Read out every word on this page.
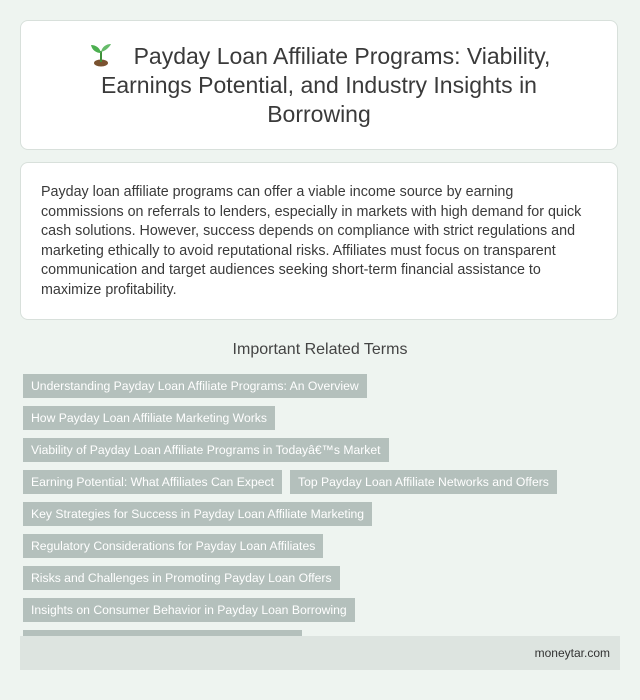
Payday Loan Affiliate Programs: Viability, Earnings Potential, and Industry Insights in Borrowing

Payday loan affiliate programs can offer a viable income source by earning commissions on referrals to lenders, especially in markets with high demand for quick cash solutions. However, success depends on compliance with strict regulations and marketing ethically to avoid reputational risks. Affiliates must focus on transparent communication and target audiences seeking short-term financial assistance to maximize profitability.

Important Related Terms
Understanding Payday Loan Affiliate Programs: An Overview
How Payday Loan Affiliate Marketing Works
Viability of Payday Loan Affiliate Programs in Todayâ€™s Market
Earning Potential: What Affiliates Can Expect	Top Payday Loan Affiliate Networks and Offers
Key Strategies for Success in Payday Loan Affiliate Marketing
Regulatory Considerations for Payday Loan Affiliates
Risks and Challenges in Promoting Payday Loan Offers
Insights on Consumer Behavior in Payday Loan Borrowing
moneytar.com
